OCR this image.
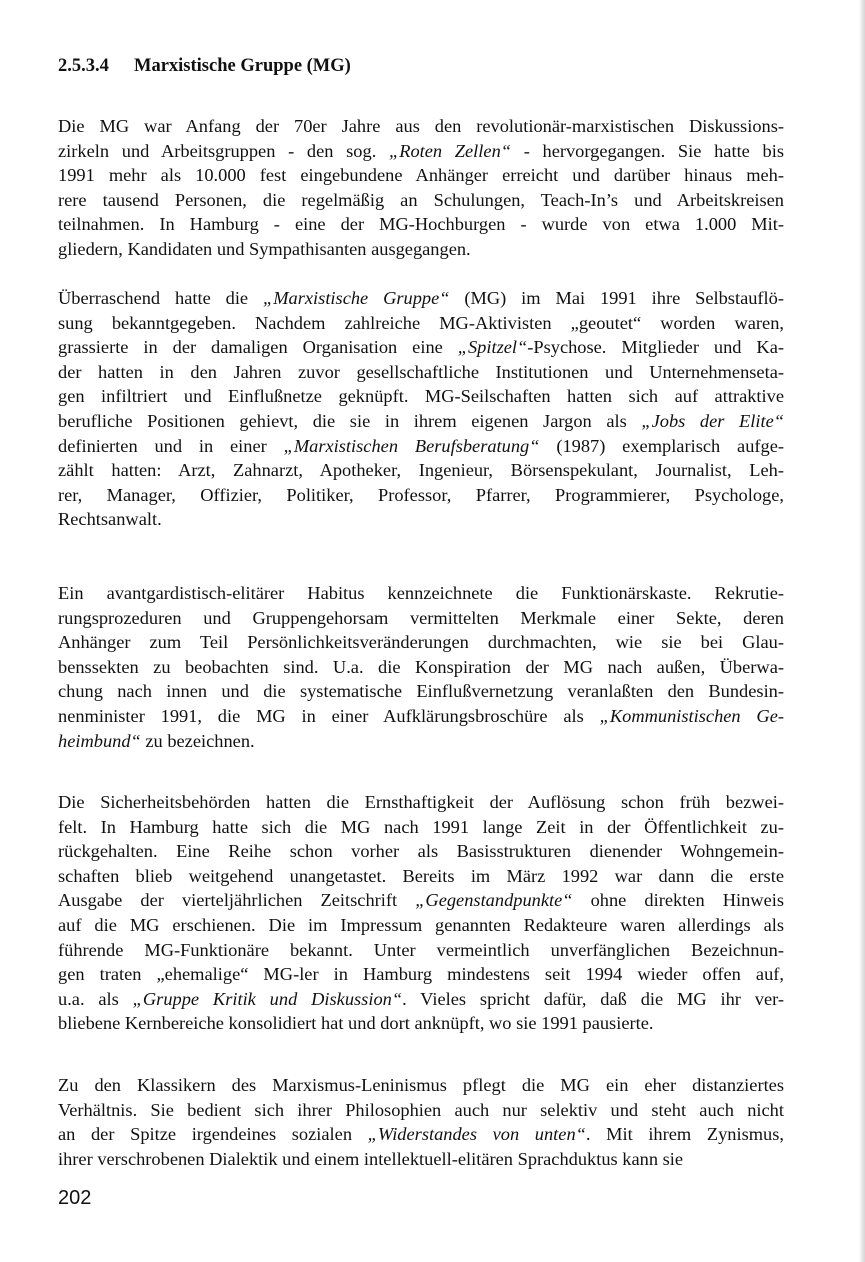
2.5.3.4 Marxistische Gruppe (MG)
Die MG war Anfang der 70er Jahre aus den revolutionär-marxistischen Diskussions-
zirkeln und Arbeitsgruppen - den sog. „Roten Zellen“ - hervorgegangen. Sie hatte bis
1991 mehr als 10.000 fest eingebundene Anhänger erreicht und darüber hinaus meh-
rere tausend Personen, die regelmäßig an Schulungen, Teach-In’s und Arbeitskreisen
teilnahmen. In Hamburg - eine der MG-Hochburgen - wurde von etwa 1.000 Mit-
gliedern, Kandidaten und Sympathisanten ausgegangen.
Überraschend hatte die „Marxistische Gruppe“ (MG) im Mai 1991 ihre Selbstauflö-
sung bekanntgegeben. Nachdem zahlreiche MG-Aktivisten „geoutet“ worden waren,
grassierte in der damaligen Organisation eine „Spitzel“-Psychose. Mitglieder und Ka-
der hatten in den Jahren zuvor gesellschaftliche Institutionen und Unternehmenseta-
gen infiltriert und Einflußnetze geknüpft. MG-Seilschaften hatten sich auf attraktive
berufliche Positionen gehievt, die sie in ihrem eigenen Jargon als „Jobs der Elite“
definierten und in einer „Marxistischen Berufsberatung“ (1987) exemplarisch aufge-
zählt hatten: Arzt, Zahnarzt, Apotheker, Ingenieur, Börsenspekulant, Journalist, Leh-
rer, Manager, Offizier, Politiker, Professor, Pfarrer, Programmierer, Psychologe,
Rechtsanwalt.
Ein avantgardistisch-elitärer Habitus kennzeichnete die Funktionärskaste. Rekrutie-
rungsprozeduren und Gruppengehorsam vermittelten Merkmale einer Sekte, deren
Anhänger zum Teil Persönlichkeitsveränderungen durchmachten, wie sie bei Glau-
benssekten zu beobachten sind. U.a. die Konspiration der MG nach außen, Überwa-
chung nach innen und die systematische Einflußvernetzung veranlaßten den Bundesin-
nenminister 1991, die MG in einer Aufklärungsbroschüre als „Kommunistischen Ge-
heimbund“ zu bezeichnen.
Die Sicherheitsbehörden hatten die Ernsthaftigkeit der Auflösung schon früh bezwei-
felt. In Hamburg hatte sich die MG nach 1991 lange Zeit in der Öffentlichkeit zu-
rückgehalten. Eine Reihe schon vorher als Basisstrukturen dienender Wohngemein-
schaften blieb weitgehend unangetastet. Bereits im März 1992 war dann die erste
Ausgabe der vierteljährlichen Zeitschrift „Gegenstandpunkte“ ohne direkten Hinweis
auf die MG erschienen. Die im Impressum genannten Redakteure waren allerdings als
führende MG-Funktionäre bekannt. Unter vermeintlich unverfänglichen Bezeichnun-
gen traten „ehemalige“ MG-ler in Hamburg mindestens seit 1994 wieder offen auf,
u.a. als „Gruppe Kritik und Diskussion“. Vieles spricht dafür, daß die MG ihr ver-
bliebene Kernbereiche konsolidiert hat und dort anknüpft, wo sie 1991 pausierte.
Zu den Klassikern des Marxismus-Leninismus pflegt die MG ein eher distanziertes
Verhältnis. Sie bedient sich ihrer Philosophien auch nur selektiv und steht auch nicht
an der Spitze irgendeines sozialen „Widerstandes von unten“. Mit ihrem Zynismus,
ihrer verschrobenen Dialektik und einem intellektuell-elitären Sprachduktus kann sie
202
